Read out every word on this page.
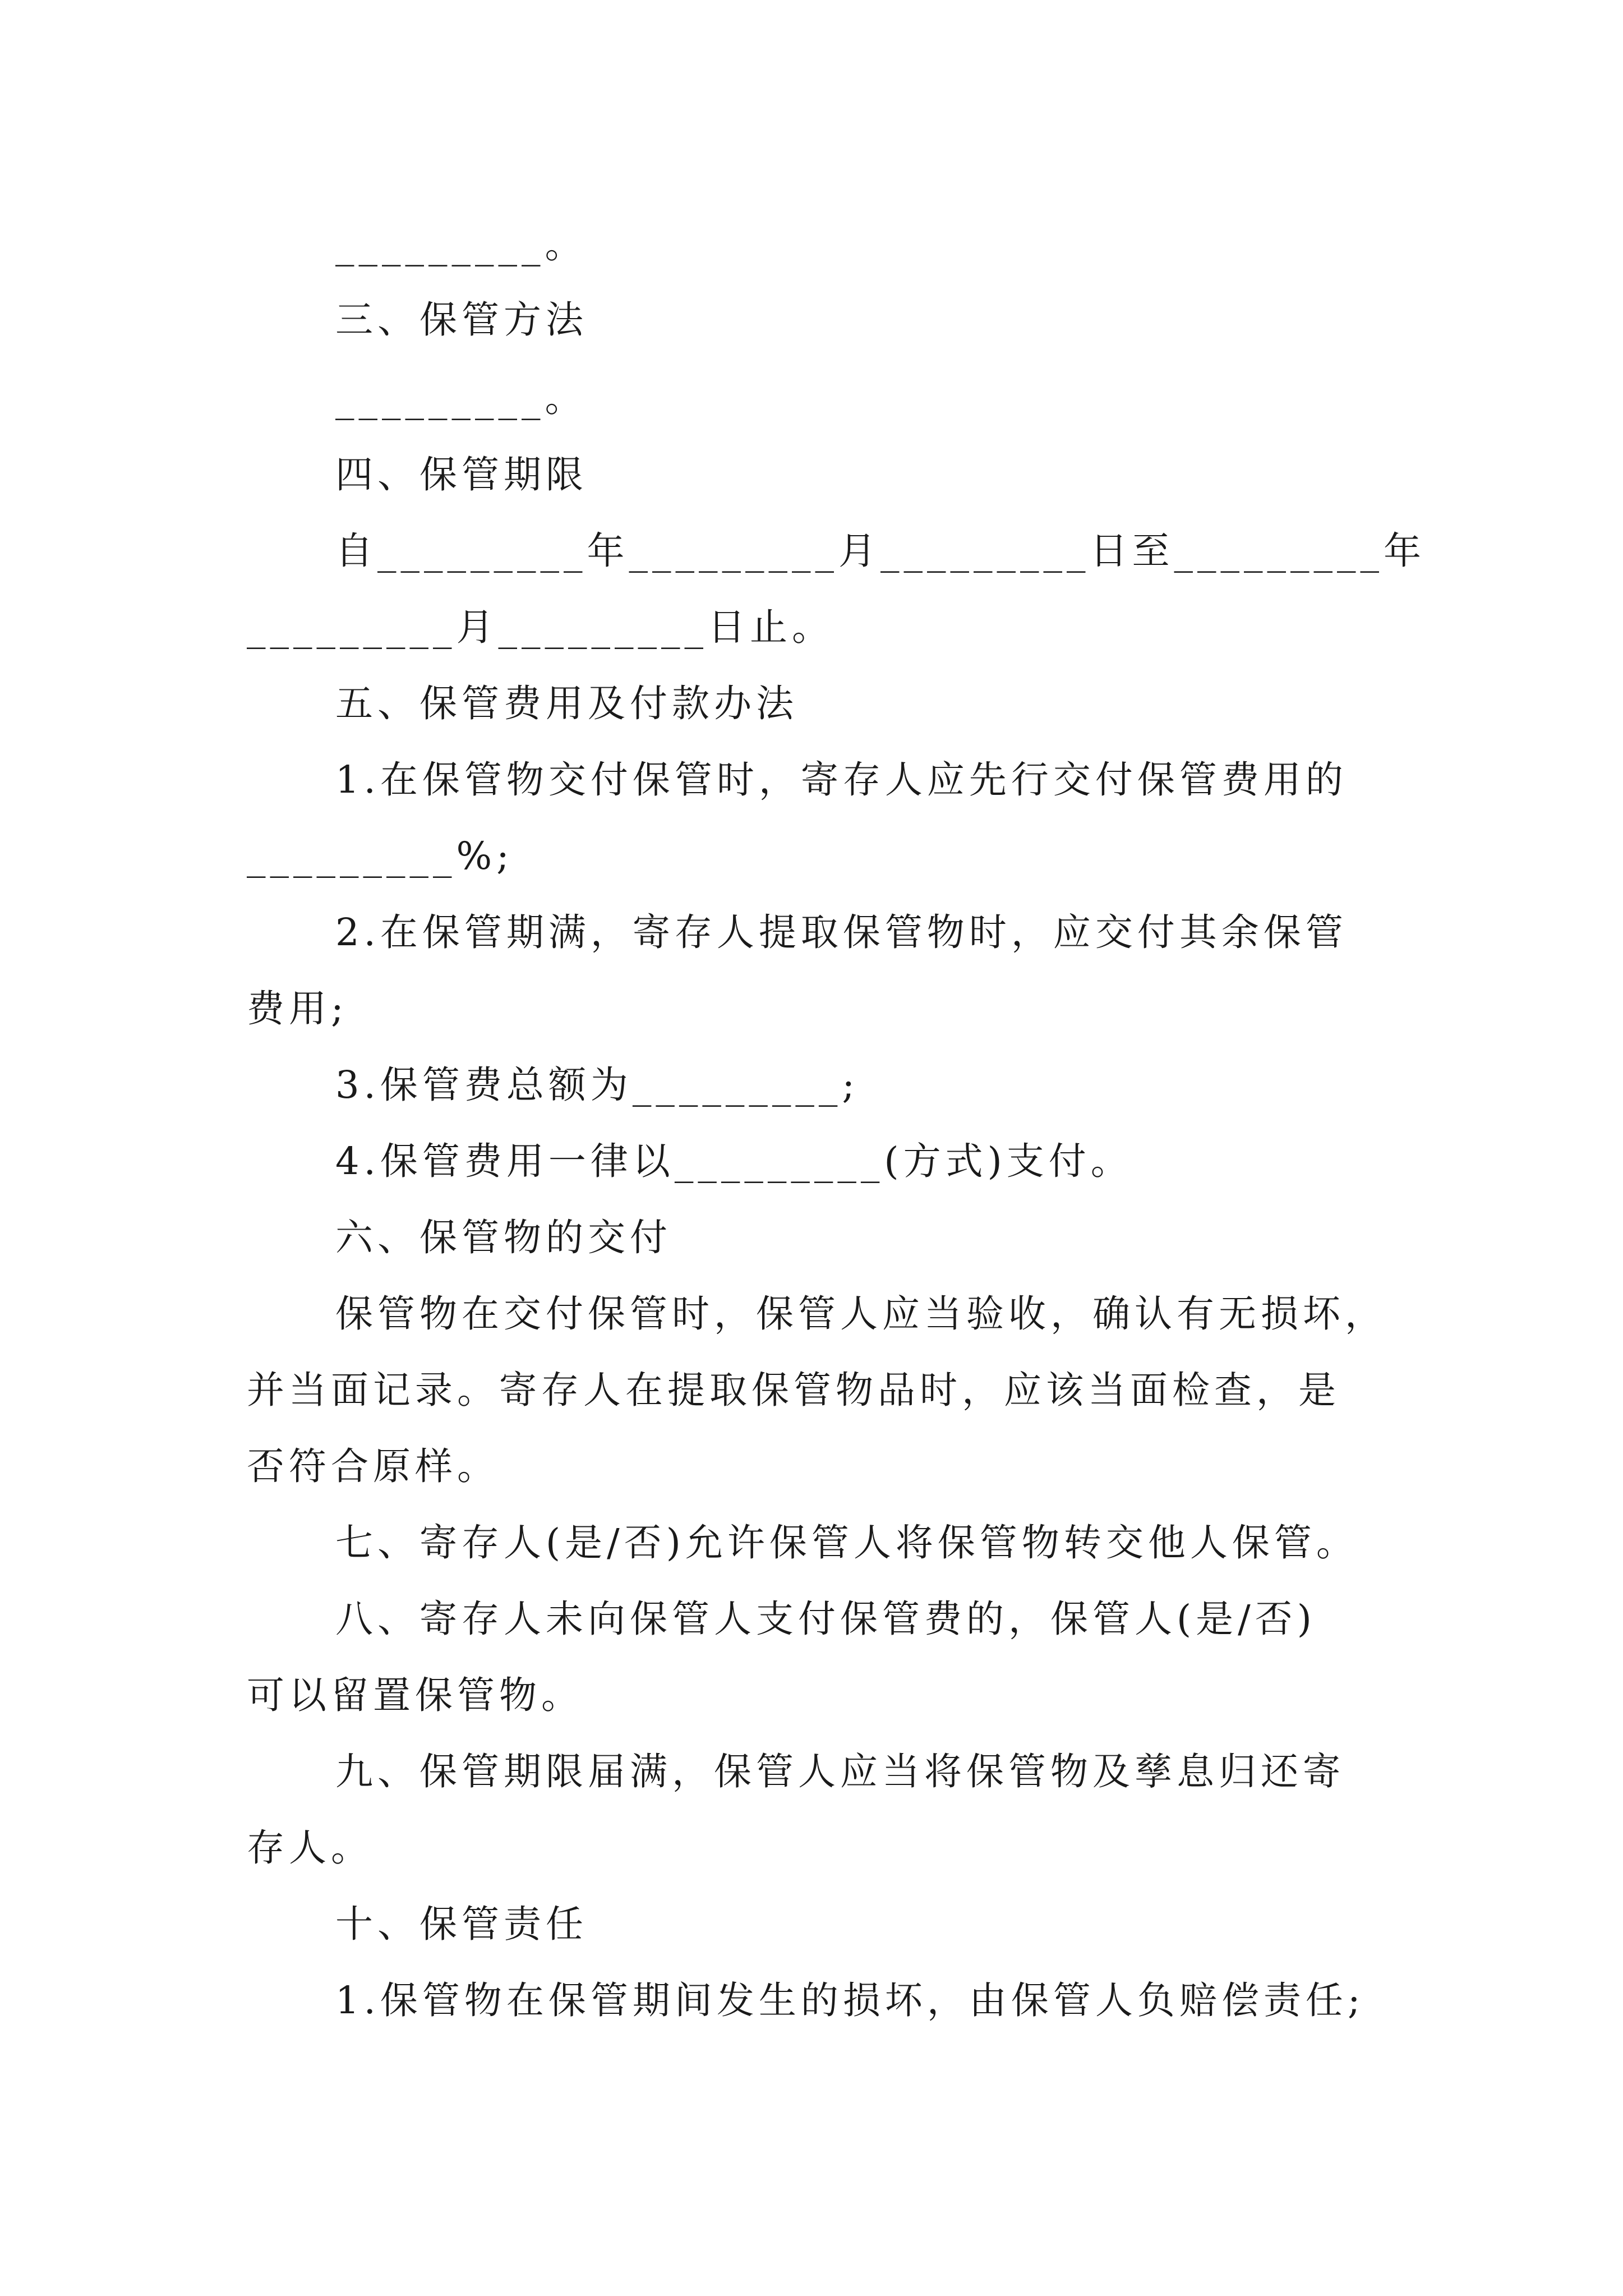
_________。
三、保管方法
_________。
四、保管期限
自_________年_________月_________日至_________年
_________月_________日止。
五、保管费用及付款办法
1.在保管物交付保管时，寄存人应先行交付保管费用的
_________%;
2.在保管期满，寄存人提取保管物时，应交付其余保管
费用;
3.保管费总额为_________;
4.保管费用一律以_________(方式)支付。
六、保管物的交付
保管物在交付保管时，保管人应当验收，确认有无损坏，
并当面记录。寄存人在提取保管物品时，应该当面检查，是
否符合原样。
七、寄存人(是/否)允许保管人将保管物转交他人保管。
八、寄存人未向保管人支付保管费的，保管人(是/否)
可以留置保管物。
九、保管期限届满，保管人应当将保管物及孳息归还寄
存人。
十、保管责任
1.保管物在保管期间发生的损坏，由保管人负赔偿责任;
